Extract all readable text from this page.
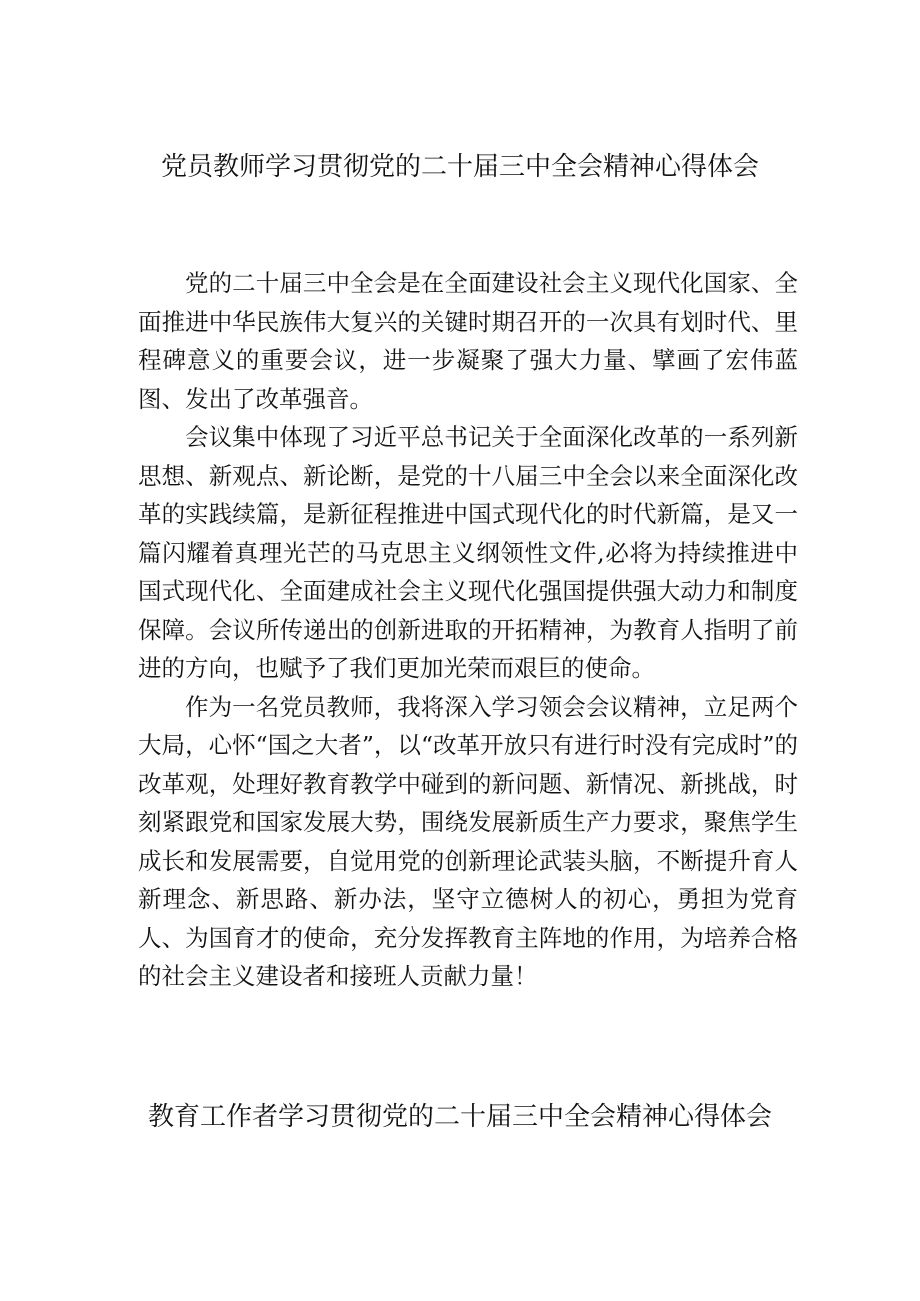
党员教师学习贯彻党的二十届三中全会精神心得体会

党的二十届三中全会是在全面建设社会主义现代化国家、全面推进中华民族伟大复兴的关键时期召开的一次具有划时代、里程碑意义的重要会议，进一步凝聚了强大力量、擘画了宏伟蓝图、发出了改革强音。

会议集中体现了习近平总书记关于全面深化改革的一系列新思想、新观点、新论断，是党的十八届三中全会以来全面深化改革的实践续篇，是新征程推进中国式现代化的时代新篇，是又一篇闪耀着真理光芒的马克思主义纲领性文件,必将为持续推进中国式现代化、全面建成社会主义现代化强国提供强大动力和制度保障。会议所传递出的创新进取的开拓精神，为教育人指明了前进的方向，也赋予了我们更加光荣而艰巨的使命。

作为一名党员教师，我将深入学习领会会议精神，立足两个大局，心怀“国之大者”，以“改革开放只有进行时没有完成时”的改革观，处理好教育教学中碰到的新问题、新情况、新挑战，时刻紧跟党和国家发展大势，围绕发展新质生产力要求，聚焦学生成长和发展需要，自觉用党的创新理论武装头脑，不断提升育人新理念、新思路、新办法，坚守立德树人的初心，勇担为党育人、为国育才的使命，充分发挥教育主阵地的作用，为培养合格的社会主义建设者和接班人贡献力量！

教育工作者学习贯彻党的二十届三中全会精神心得体会
